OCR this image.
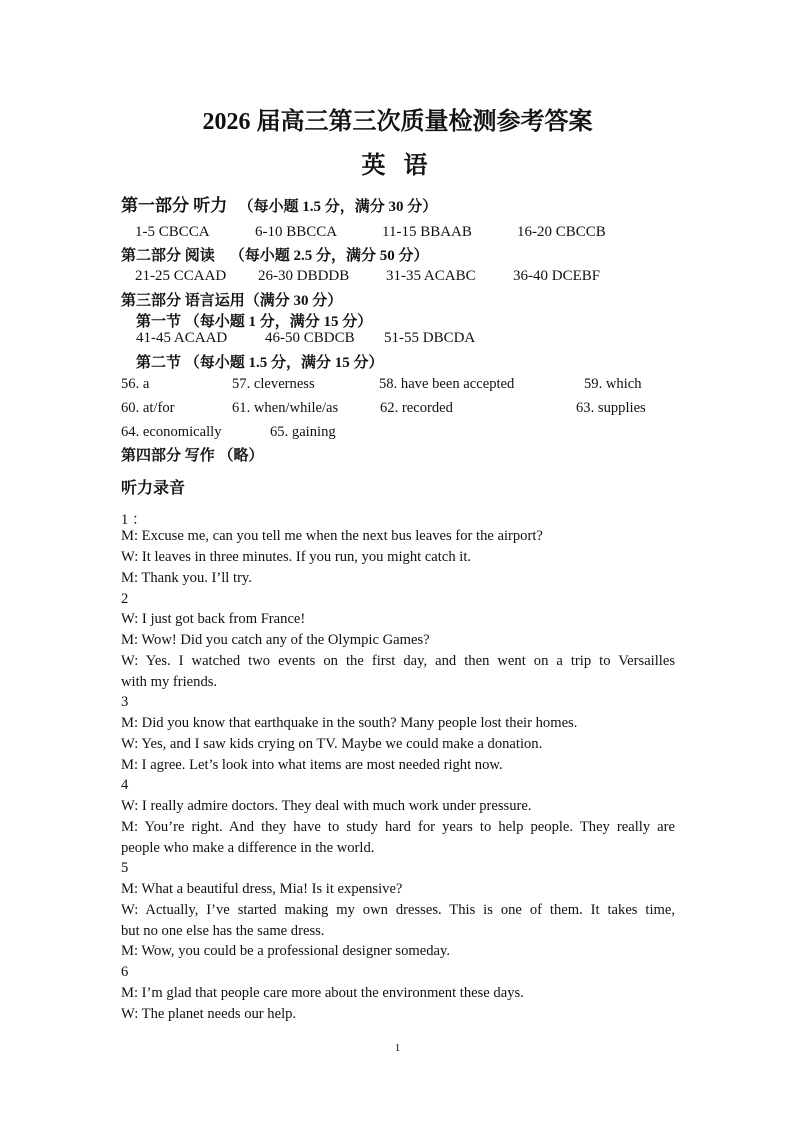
2026 届高三第三次质量检测参考答案
英 语
第一部分 听力 （每小题 1.5 分，满分 30 分）
1-5 CBCCA	6-10 BBCCA	11-15 BBAAB	16-20 CBCCB
第二部分 阅读 （每小题 2.5 分，满分 50 分）
21-25 CCAAD 26-30 DBDDB 31-35 ACABC 36-40 DCEBF
第三部分 语言运用（满分 30 分）
第一节 （每小题 1 分，满分 15 分）
41-45 ACAAD	46-50 CBDCB 51-55 DBCDA
第二节 （每小题 1.5 分，满分 15 分）
56. a	57. cleverness	58. have been accepted	59. which
60. at/for	61. when/while/as	62. recorded	63. supplies
64. economically	65. gaining
第四部分 写作 （略）
听力录音
1 ：
M: Excuse me, can you tell me when the next bus leaves for the airport?
W: It leaves in three minutes. If you run, you might catch it.
M: Thank you. I’ll try.
2
W: I just got back from France!
M: Wow! Did you catch any of the Olympic Games?
W: Yes. I watched two events on the first day, and then went on a trip to Versailles
with my friends.
3
M: Did you know that earthquake in the south? Many people lost their homes.
W: Yes, and I saw kids crying on TV. Maybe we could make a donation.
M: I agree. Let’s look into what items are most needed right now.
4
W: I really admire doctors. They deal with much work under pressure.
M: You’re right. And they have to study hard for years to help people. They really are
people who make a difference in the world.
5
M: What a beautiful dress, Mia! Is it expensive?
W: Actually, I’ve started making my own dresses. This is one of them. It takes time,
but no one else has the same dress.
M: Wow, you could be a professional designer someday.
6
M: I’m glad that people care more about the environment these days.
W: The planet needs our help.
1
